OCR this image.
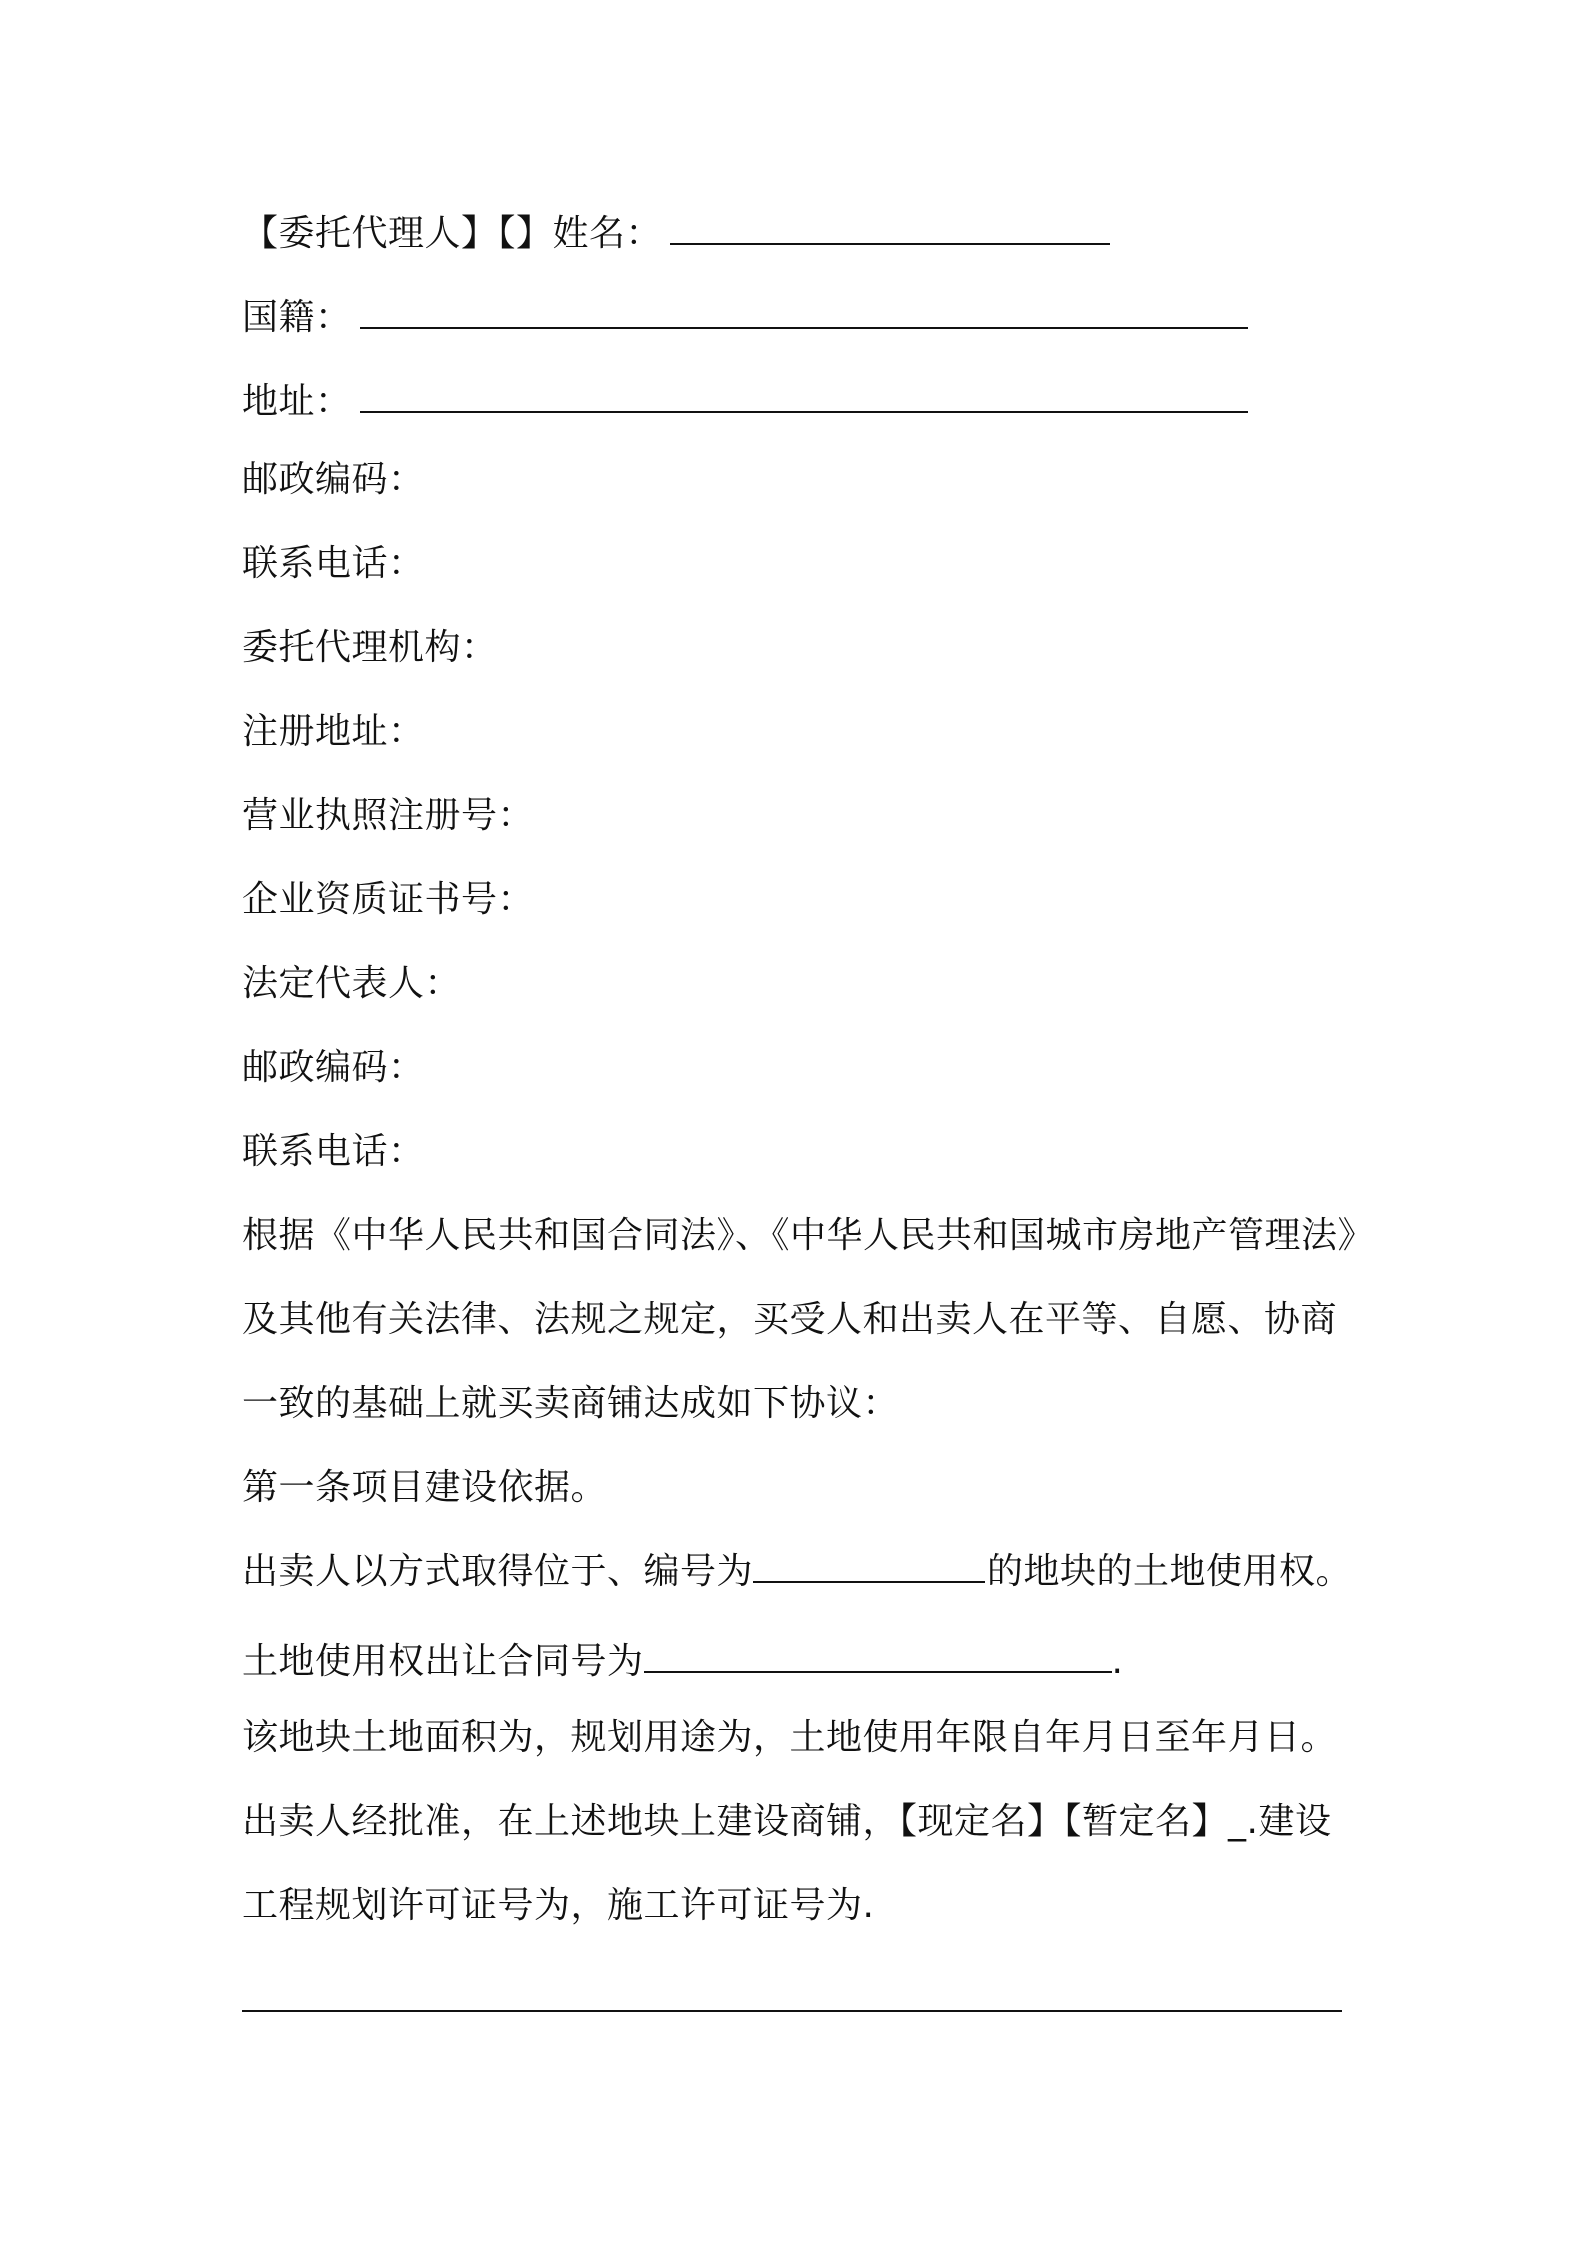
【委托代理人】【】姓名：
国籍：
地址：
邮政编码：
联系电话：
委托代理机构：
注册地址：
营业执照注册号：
企业资质证书号：
法定代表人：
邮政编码：
联系电话：
根据《中华人民共和国合同法》、《中华人民共和国城市房地产管理法》
及其他有关法律、法规之规定，买受人和出卖人在平等、自愿、协商
一致的基础上就买卖商铺达成如下协议：
第一条项目建设依据。
出卖人以方式取得位于、编号为	的地块的土地使用权。
土地使用权出让合同号为	.
该地块土地面积为，规划用途为，土地使用年限自年月日至年月日。
出卖人经批准，在上述地块上建设商铺，【现定名】【暂定名】_.建设
工程规划许可证号为，施工许可证号为.
